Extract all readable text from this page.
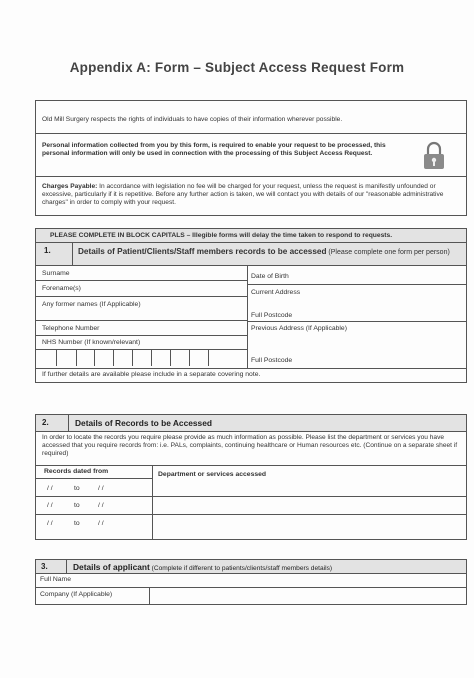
Appendix A: Form – Subject Access Request Form
Old Mill Surgery respects the rights of individuals to have copies of their information wherever possible.
Personal information collected from you by this form, is required to enable your request to be processed, this personal information will only be used in connection with the processing of this Subject Access Request.
Charges Payable: In accordance with legislation no fee will be charged for your request, unless the request is manifestly unfounded or excessive, particularly if it is repetitive. Before any further action is taken, we will contact you with details of our "reasonable administrative charges" in order to comply with your request.
PLEASE COMPLETE IN BLOCK CAPITALS – Illegible forms will delay the time taken to respond to requests.
1.	Details of Patient/Clients/Staff members records to be accessed (Please complete one form per person)
Surname
Forename(s)
Any former names (If Applicable)
Telephone Number
NHS Number (If known/relevant)
Date of Birth
Current Address
Full Postcode
Previous Address (If Applicable)
Full Postcode
If further details are available please include in a separate covering note.
2.	Details of Records to be Accessed
In order to locate the records you require please provide as much information as possible. Please list the department or services you have accessed that you require records from: i.e. PALs, complaints, continuing healthcare or Human resources etc. (Continue on a separate sheet if required)
Records dated from	Department or services accessed
/ /	to	/ /
/ /	to	/ /
/ /	to	/ /
3.	Details of applicant (Complete if different to patients/clients/staff members details)
Full Name
Company (If Applicable)
